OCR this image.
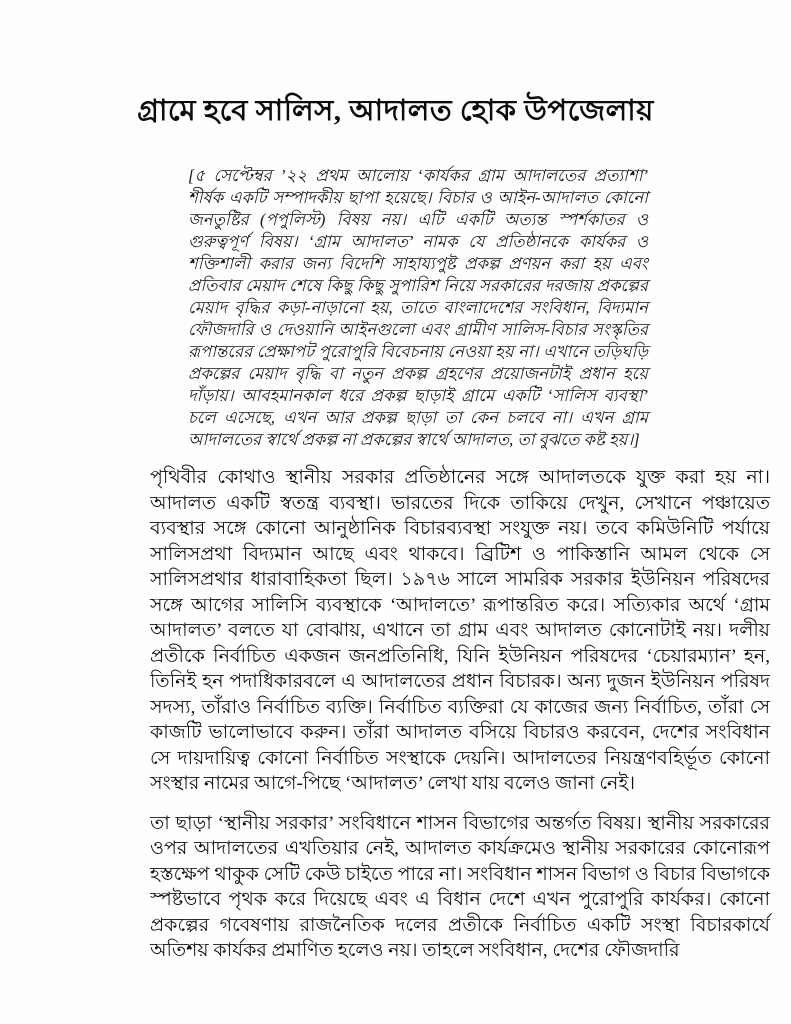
গ্রামে হবে সালিস, আদালত হোক উপজেলায়
[৫ সেপ্টেম্বর ’২২ প্রথম আলোয় ‘কার্যকর গ্রাম আদালতের প্রত্যাশা’ শীর্ষক একটি সম্পাদকীয় ছাপা হয়েছে। বিচার ও আইন-আদালত কোনো জনতুষ্টির (পপুলিস্ট) বিষয় নয়। এটি একটি অত্যন্ত স্পর্শকাতর ও গুরুত্বপূর্ণ বিষয়। ‘গ্রাম আদালত’ নামক যে প্রতিষ্ঠানকে কার্যকর ও শক্তিশালী করার জন্য বিদেশি সাহায্যপুষ্ট প্রকল্প প্রণয়ন করা হয় এবং প্রতিবার মেয়াদ শেষে কিছু কিছু সুপারিশ নিয়ে সরকারের দরজায় প্রকল্পের মেয়াদ বৃদ্ধির কড়া-নাড়ানো হয়, তাতে বাংলাদেশের সংবিধান, বিদ্যমান ফৌজদারি ও দেওয়ানি আইনগুলো এবং গ্রামীণ সালিস-বিচার সংস্কৃতির রূপান্তরের প্রেক্ষাপট পুরোপুরি বিবেচনায় নেওয়া হয় না। এখানে তড়িঘড়ি প্রকল্পের মেয়াদ বৃদ্ধি বা নতুন প্রকল্প গ্রহণের প্রয়োজনটাই প্রধান হয়ে দাঁড়ায়। আবহমানকাল ধরে প্রকল্প ছাড়াই গ্রামে একটি ‘সালিস ব্যবস্থা’ চলে এসেছে, এখন আর প্রকল্প ছাড়া তা কেন চলবে না। এখন গ্রাম আদালতের স্বার্থে প্রকল্প না প্রকল্পের স্বার্থে আদালত, তা বুঝতে কষ্ট হয়।]

পৃথিবীর কোথাও স্থানীয় সরকার প্রতিষ্ঠানের সঙ্গে আদালতকে যুক্ত করা হয় না। আদালত একটি স্বতন্ত্র ব্যবস্থা। ভারতের দিকে তাকিয়ে দেখুন, সেখানে পঞ্চায়েত ব্যবস্থার সঙ্গে কোনো আনুষ্ঠানিক বিচারব্যবস্থা সংযুক্ত নয়। তবে কমিউনিটি পর্যায়ে সালিসপ্রথা বিদ্যমান আছে এবং থাকবে। ব্রিটিশ ও পাকিস্তানি আমল থেকে সে সালিসপ্রথার ধারাবাহিকতা ছিল। ১৯৭৬ সালে সামরিক সরকার ইউনিয়ন পরিষদের সঙ্গে আগের সালিসি ব্যবস্থাকে ‘আদালতে’ রূপান্তরিত করে। সত্যিকার অর্থে ‘গ্রাম আদালত’ বলতে যা বোঝায়, এখানে তা গ্রাম এবং আদালত কোনোটাই নয়। দলীয় প্রতীকে নির্বাচিত একজন জনপ্রতিনিধি, যিনি ইউনিয়ন পরিষদের ‘চেয়ারম্যান’ হন, তিনিই হন পদাধিকারবলে এ আদালতের প্রধান বিচারক। অন্য দুজন ইউনিয়ন পরিষদ সদস্য, তাঁরাও নির্বাচিত ব্যক্তি। নির্বাচিত ব্যক্তিরা যে কাজের জন্য নির্বাচিত, তাঁরা সে কাজটি ভালোভাবে করুন। তাঁরা আদালত বসিয়ে বিচারও করবেন, দেশের সংবিধান সে দায়দায়িত্ব কোনো নির্বাচিত সংস্থাকে দেয়নি। আদালতের নিয়ন্ত্রণবহির্ভূত কোনো সংস্থার নামের আগে-পিছে ‘আদালত’ লেখা যায় বলেও জানা নেই।

তা ছাড়া ‘স্থানীয় সরকার’ সংবিধানে শাসন বিভাগের অন্তর্গত বিষয়। স্থানীয় সরকারের ওপর আদালতের এখতিয়ার নেই, আদালত কার্যক্রমেও স্থানীয় সরকারের কোনোরূপ হস্তক্ষেপ থাকুক সেটি কেউ চাইতে পারে না। সংবিধান শাসন বিভাগ ও বিচার বিভাগকে স্পষ্টভাবে পৃথক করে দিয়েছে এবং এ বিধান দেশে এখন পুরোপুরি কার্যকর। কোনো প্রকল্পের গবেষণায় রাজনৈতিক দলের প্রতীকে নির্বাচিত একটি সংস্থা বিচারকার্যে অতিশয় কার্যকর প্রমাণিত হলেও নয়। তাহলে সংবিধান, দেশের ফৌজদারি
